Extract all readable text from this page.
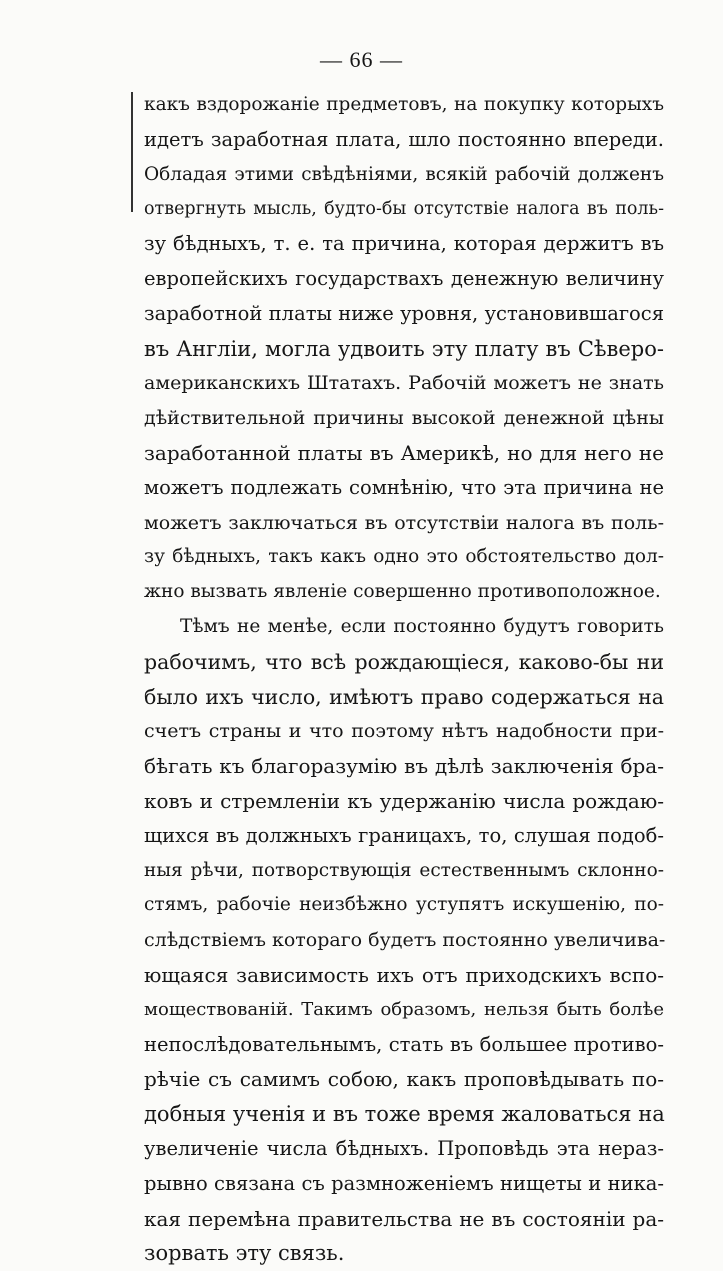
— 66 —
какъ вздорожаніе предметовъ, на покупку которыхъ
идетъ заработная плата, шло постоянно впереди.
Обладая этими свѣдѣніями, всякій рабочій долженъ
отвергнуть мысль, будто-бы отсутствіе налога въ поль-
зу бѣдныхъ, т. е. та причина, которая держитъ въ
европейскихъ государствахъ денежную величину
заработной платы ниже уровня, установившагося
въ Англіи, могла удвоить эту плату въ Сѣверо-
американскихъ Штатахъ. Рабочій можетъ не знать
дѣйствительной причины высокой денежной цѣны
заработанной платы въ Америкѣ, но для него не
можетъ подлежать сомнѣнію, что эта причина не
можетъ заключаться въ отсутствіи налога въ поль-
зу бѣдныхъ, такъ какъ одно это обстоятельство дол-
жно вызвать явленіе совершенно противоположное.
Тѣмъ не менѣе, если постоянно будутъ говорить
рабочимъ, что всѣ рождающіеся, каково-бы ни
было ихъ число, имѣютъ право содержаться на
счетъ страны и что поэтому нѣтъ надобности при-
бѣгать къ благоразумію въ дѣлѣ заключенія бра-
ковъ и стремленіи къ удержанію числа рождаю-
щихся въ должныхъ границахъ, то, слушая подоб-
ныя рѣчи, потворствующія естественнымъ склонно-
стямъ, рабочіе неизбѣжно уступятъ искушенію, по-
слѣдствіемъ котораго будетъ постоянно увеличива-
ющаяся зависимость ихъ отъ приходскихъ вспо-
моществованій. Такимъ образомъ, нельзя быть болѣе
непослѣдовательнымъ, стать въ большее противо-
рѣчіе съ самимъ собою, какъ проповѣдывать по-
добныя ученія и въ тоже время жаловаться на
увеличеніе числа бѣдныхъ. Проповѣдь эта нераз-
рывно связана съ размноженіемъ нищеты и ника-
кая перемѣна правительства не въ состояніи ра-
зорвать эту связь.
